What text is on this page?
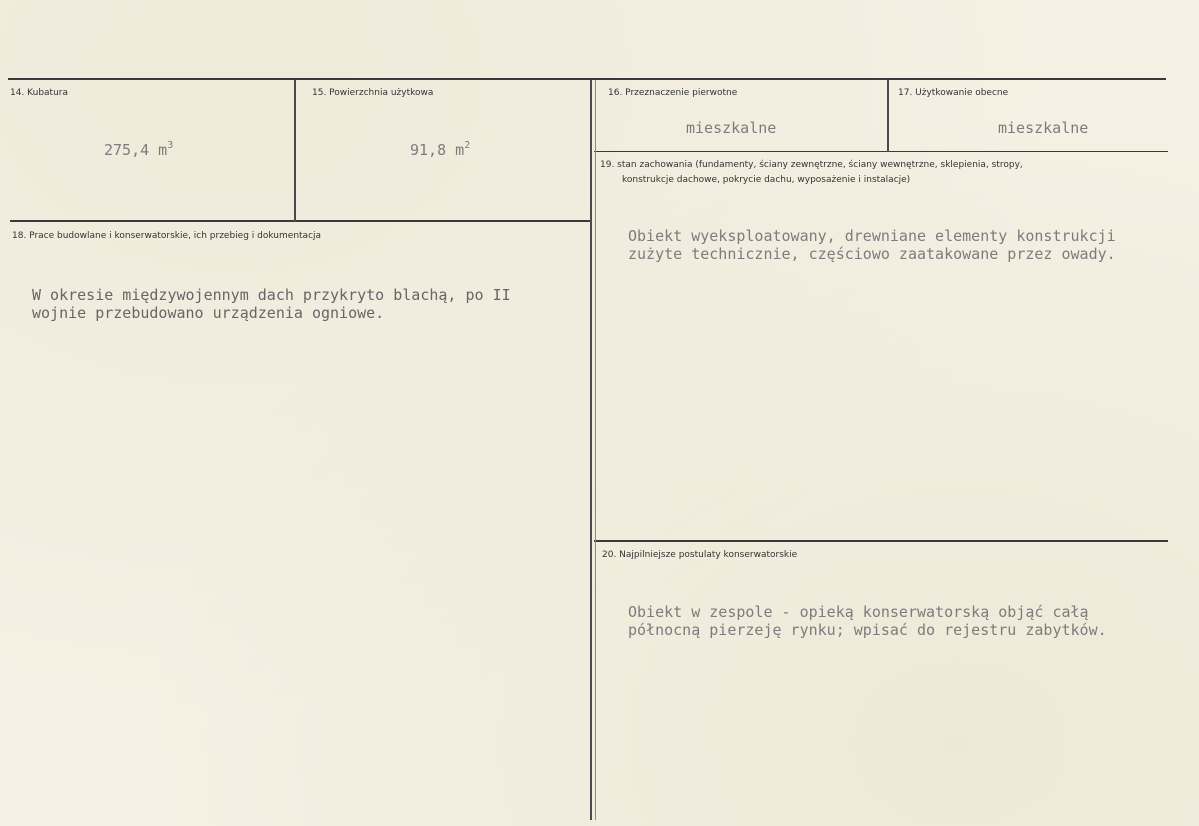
14. Kubatura
275,4 $m^3$
15. Powierzchnia użytkowa
91,8 $m^2$
16. Przeznaczenie pierwotne
mieszkalne
17. Użytkowanie obecne
mieszkalne
18. Prace budowlane i konserwatorskie, ich przebieg i dokumentacja
W okresie międzywojennym dach przykryto blachą, po II
wojnie przebudowano urządzenia ogniowe.
19. stan zachowania (fundamenty, ściany zewnętrzne, ściany wewnętrzne, sklepienia, stropy,
konstrukcje dachowe, pokrycie dachu, wyposażenie i instalacje)
Obiekt wyeksploatowany, drewniane elementy konstrukcji
zużyte technicznie, częściowo zaatakowane przez owady.
20. Najpilniejsze postulaty konserwatorskie
Obiekt w zespole - opieką konserwatorską objąć całą
północną pierzeję rynku; wpisać do rejestru zabytków.
